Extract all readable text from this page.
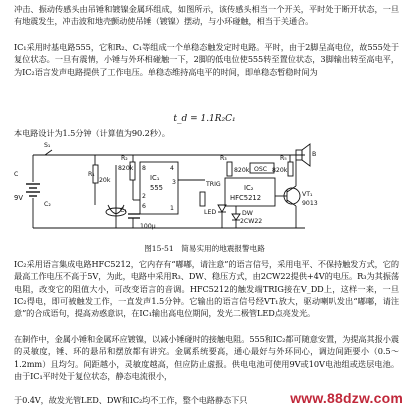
冲击、振动传感头由吊锤和镀镍金属环组成，如图所示，该传感头相当一个开关，平时处于断开状态，一旦有地震发生，冲击波和地壳颤动使吊锤（镀镍）摆动，与小环碰触，相当于关通合。

IC₁采用时基电路555，它和R₂、C₁等组成一个单稳态触发定时电路。平时，由于2脚呈高电位，故555处于复位状态。一旦有震情，小锤与外环相碰触一下，2脚的低电位使555转至置位状态，3脚输出转至高电平，为IC₂语言发声电路提供了工作电压。单稳态维持高电平的时间，即单稳态暂稳时间为

t_d = 1.1R₂C₁

本电路设计为1.5分钟（计算值为90.2秒）。

R₁
20k
R₂
820k
IC₁
555
8	4
3
2
6	1
C₁
100μ
R₃
820k OSC
TRIG	IC₂
HFC5212
DW
2CW22
LED
R₅
820k
VT₁
9013
B
C₂
9V
C
S₁
图15-51　简易实用的地震报警电路

IC₂采用语言集成电路HFC5212，它内存有“嘟嘟，请注意”的语言信号，采用电平、不保持触发方式，它的最高工作电压不高于5V，为此，电路中采用R₃、DW、稳压方式，由2CW22提供+4V的电压。R₃为其振荡电阻，改变它的阻值大小，可改变语言的音调。HFC5212的触发端TRIG接在V_DD上，这样一来，一旦IC₂得电，即可被触发工作，一直发声1.5分钟。它输出的语言信号经VT₁放大，驱动喇叭发出“嘟嘟，请注意”的合成语句，提高劝惑意识，在IC₁输出高电位期间，发光二极管LED点亮发光。

在制作中，金属小锤和金属环应镀镍，以减小锤碰时的接触电阻。555和IC₂都可随意安置，为提高其报小震的灵敏度，锤、环的悬吊和摆放都有讲究。金属系统要高，通心最好与外环同心，调边间距要小（0.5～1.2mm）且均匀。间距越小，灵敏度越高，但应防止虚报。供电电池可使用9V或10V电池组或迭层电池。由于IC₁平时处于复位状态，静态电流很小，

于0.4V，故发光管LED、DW和IC₂均不工作，整个电路静态下只	www.88dzw.com
